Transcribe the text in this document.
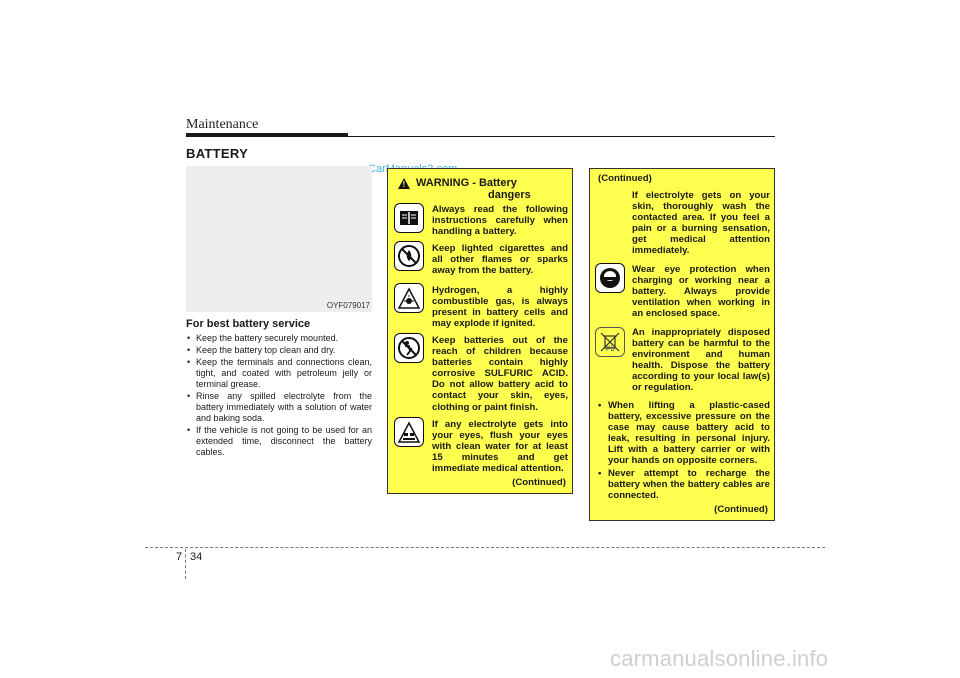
Maintenance
BATTERY
OYF079017
For best battery service
• Keep the battery securely mounted.
• Keep the battery top clean and dry.
• Keep the terminals and connections clean, tight, and coated with petroleum jelly or terminal grease.
• Rinse any spilled electrolyte from the battery immediately with a solution of water and baking soda.
• If the vehicle is not going to be used for an extended time, disconnect the battery cables.
!
WARNING - Battery
dangers
Always read the following instructions carefully when handling a battery.
Keep lighted cigarettes and all other flames or sparks away from the battery.
Hydrogen, a highly combustible gas, is always present in battery cells and may explode if ignited.
Keep batteries out of the reach of children because batteries contain highly corrosive SULFURIC ACID. Do not allow battery acid to contact your skin, eyes, clothing or paint finish.
If any electrolyte gets into your eyes, flush your eyes with clean water for at least 15 minutes and get immediate medical attention.
(Continued)
(Continued)
If electrolyte gets on your skin, thoroughly wash the contacted area. If you feel a pain or a burning sensation, get medical attention immediately.
Wear eye protection when charging or working near a battery. Always provide ventilation when working in an enclosed space.
Pb
An inappropriately disposed battery can be harmful to the environment and human health. Dispose the battery according to your local law(s) or regulation.
• When lifting a plastic-cased battery, excessive pressure on the case may cause battery acid to leak, resulting in personal injury. Lift with a battery carrier or with your hands on opposite corners.
• Never attempt to recharge the battery when the battery cables are connected.
(Continued)
7 34
carmanualsonline.info
